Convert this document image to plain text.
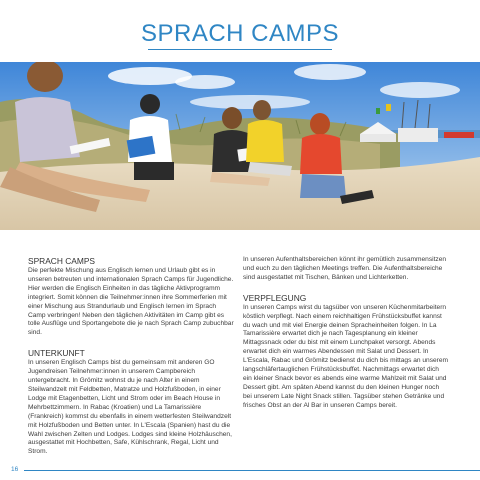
SPRACH CAMPS
SPRACH CAMPS

Die perfekte Mischung aus Englisch lernen und Urlaub gibt es in unseren betreuten und internationalen Sprach Camps für Jugendliche. Hier werden die Englisch Einheiten in das tägliche Aktivprogramm integriert. Somit können die Teilnehmer:innen ihre Sommerferien mit einer Mischung aus Strandurlaub und Englisch lernen im Sprach Camp verbringen! Neben den täglichen Aktivitäten im Camp gibt es tolle Ausflüge und Sportangebote die je nach Sprach Camp zubuchbar sind.

UNTERKUNFT

In unseren Englisch Camps bist du gemeinsam mit anderen GO Jugendreisen Teilnehmer:innen in unserem Campbereich untergebracht. In Grömitz wohnst du je nach Alter in einem Steilwandzelt mit Feldbetten, Matratze und Holzfußboden, in einer Lodge mit Etagenbetten, Licht und Strom oder im Beach House in Mehrbettzimmern. In Rabac (Kroatien) und La Tamarissière (Frankreich) kommst du ebenfalls in einem wetterfesten Steilwandzelt mit Holzfußboden und Betten unter. In L'Escala (Spanien) hast du die Wahl zwischen Zelten und Lodges. Lodges sind kleine Holzhäuschen, ausgestattet mit Hochbetten, Safe, Kühlschrank, Regal, Licht und Strom.

In unseren Aufenthaltsbereichen könnt ihr gemütlich zusammensitzen und euch zu den täglichen Meetings treffen. Die Aufenthaltsbereiche sind ausgestattet mit Tischen, Bänken und Lichterketten.

VERPFLEGUNG

In unseren Camps wirst du tagsüber von unseren Küchenmitarbeitern köstlich verpflegt. Nach einem reichhaltigen Frühstücksbuffet kannst du wach und mit viel Energie deinen Spracheinheiten folgen. In La Tamarissière erwartet dich je nach Tagesplanung ein kleiner Mittagssnack oder du bist mit einem Lunchpaket versorgt. Abends erwartet dich ein warmes Abendessen mit Salat und Dessert. In L'Escala, Rabac und Grömitz bedienst du dich bis mittags an unserem langschläfertauglichen Frühstücksbuffet. Nachmittags erwartet dich ein kleiner Snack bevor es abends eine warme Mahlzeit mit Salat und Dessert gibt. Am späten Abend kannst du den kleinen Hunger noch bei unserem Late Night Snack stillen. Tagsüber stehen Getränke und frisches Obst an der Al Bar in unseren Camps bereit.

16
